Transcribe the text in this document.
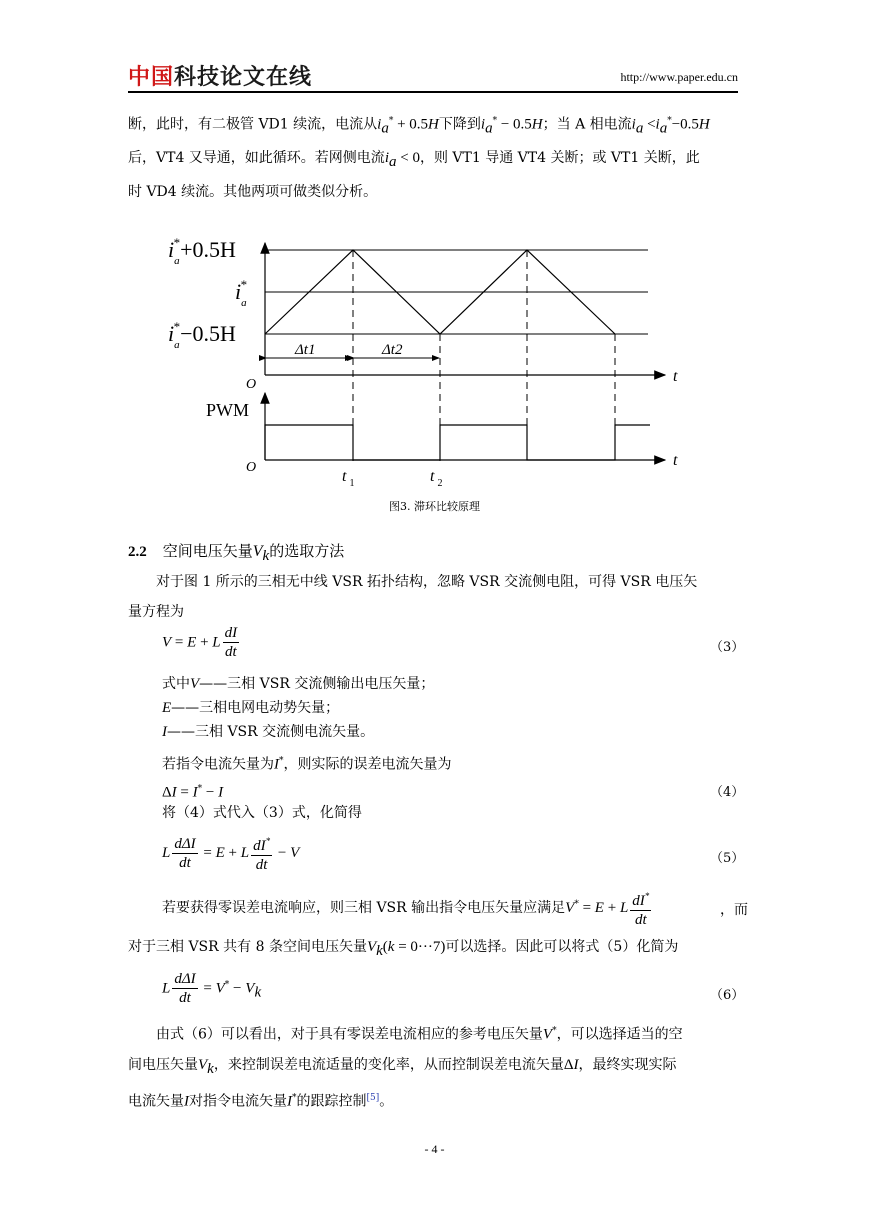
中国科技论文在线	http://www.paper.edu.cn
断，此时，有二极管 VD1 续流，电流从$i_a^* + 0.5H$下降到$i_a^* - 0.5H$；当 A 相电流$i_a <i_a^*-0.5H$
后，VT4 又导通，如此循环。若网侧电流$i_a < 0$，则 VT1 导通 VT4 关断；或 VT1 关断，此
时 VD4 续流。其他两项可做类似分析。
Δt1	Δt2
$i_a*+0.5H$
$i_a*$
$i_a*-0.5H$
O	t
PWM
O	t
t $_1$	t $_2$
图3. 滞环比较原理
2.2 空间电压矢量$V_k$的选取方法
对于图 1 所示的三相无中线 VSR 拓扑结构，忽略 VSR 交流侧电阻，可得 VSR 电压矢
量方程为
V = E + L $\frac{dI}{dt}$	（3）
式中V——三相 VSR 交流侧输出电压矢量；
E——三相电网电动势矢量；
I——三相 VSR 交流侧电流矢量。
若指令电流矢量为I*，则实际的误差电流矢量为
ΔI = I* − I	（4）
将（4）式代入（3）式，化简得
L $\frac{\text{dΔI}}{dt} = E + L \frac{dI^*}{dt} - V$	（5）
若要获得零误差电流响应，则三相 VSR 输出指令电压矢量应满足V* = E + L $\frac{dI^*}{dt}$	，而
对于三相 VSR 共有 8 条空间电压矢量$V_k(k = 0\cdot\cdot\cdot 7)$可以选择。因此可以将式（5）化简为
L $\frac{\text{dΔI}}{dt} = V^* - V_k$	（6）
由式（6）可以看出，对于具有零误差电流相应的参考电压矢量V*，可以选择适当的空
间电压矢量$V_k$，来控制误差电流适量的变化率，从而控制误差电流矢量ΔI，最终实现实际
电流矢量I对指令电流矢量I*的跟踪控制[5]。
- 4 -
